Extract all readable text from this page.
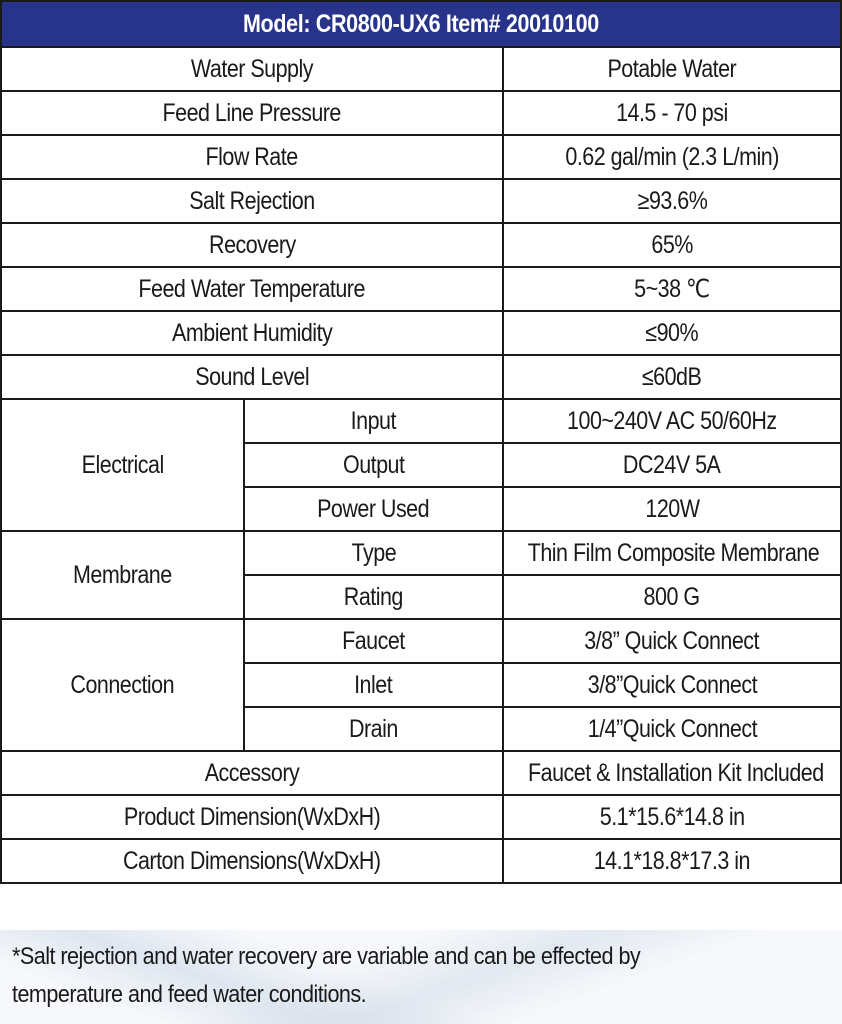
Model: CR0800-UX6 Item# 20010100		
Water Supply		Potable Water
Feed Line Pressure		14.5 - 70 psi
Flow Rate		0.62 gal/min (2.3 L/min)
Salt Rejection		≥93.6%
Recovery		65%
Feed Water Temperature		5~38 ℃
Ambient Humidity		≤90%
Sound Level		≤60dB
Electrical	Input	100~240V AC 50/60Hz
	Output	DC24V 5A
	Power Used	120W
Membrane	Type	Thin Film Composite Membrane
	Rating	800 G
Connection	Faucet	3/8” Quick Connect
	Inlet	3/8”Quick Connect
	Drain	1/4”Quick Connect
Accessory		Faucet & Installation Kit Included
Product Dimension(WxDxH)		5.1*15.6*14.8 in
Carton Dimensions(WxDxH)		14.1*18.8*17.3 in
*Salt rejection and water recovery are variable and can be effected by
temperature and feed water conditions.
